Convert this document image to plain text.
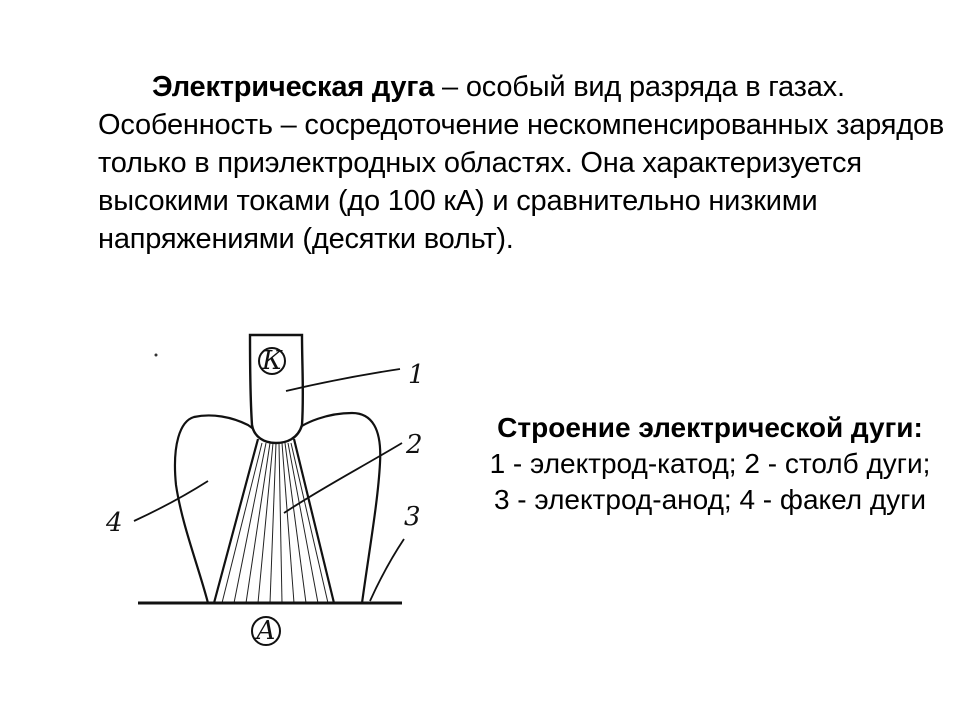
Электрическая дуга – особый вид разряда в газах. Особенность – сосредоточение нескомпенсированных зарядов только в приэлектродных областях. Она характеризуется высокими токами (до 100 кА) и сравнительно низкими напряжениями (десятки вольт).
К
А
1
2
3
4
Строение электрической дуги:
1 - электрод-катод; 2 - столб дуги; 3 - электрод-анод; 4 - факел дуги
